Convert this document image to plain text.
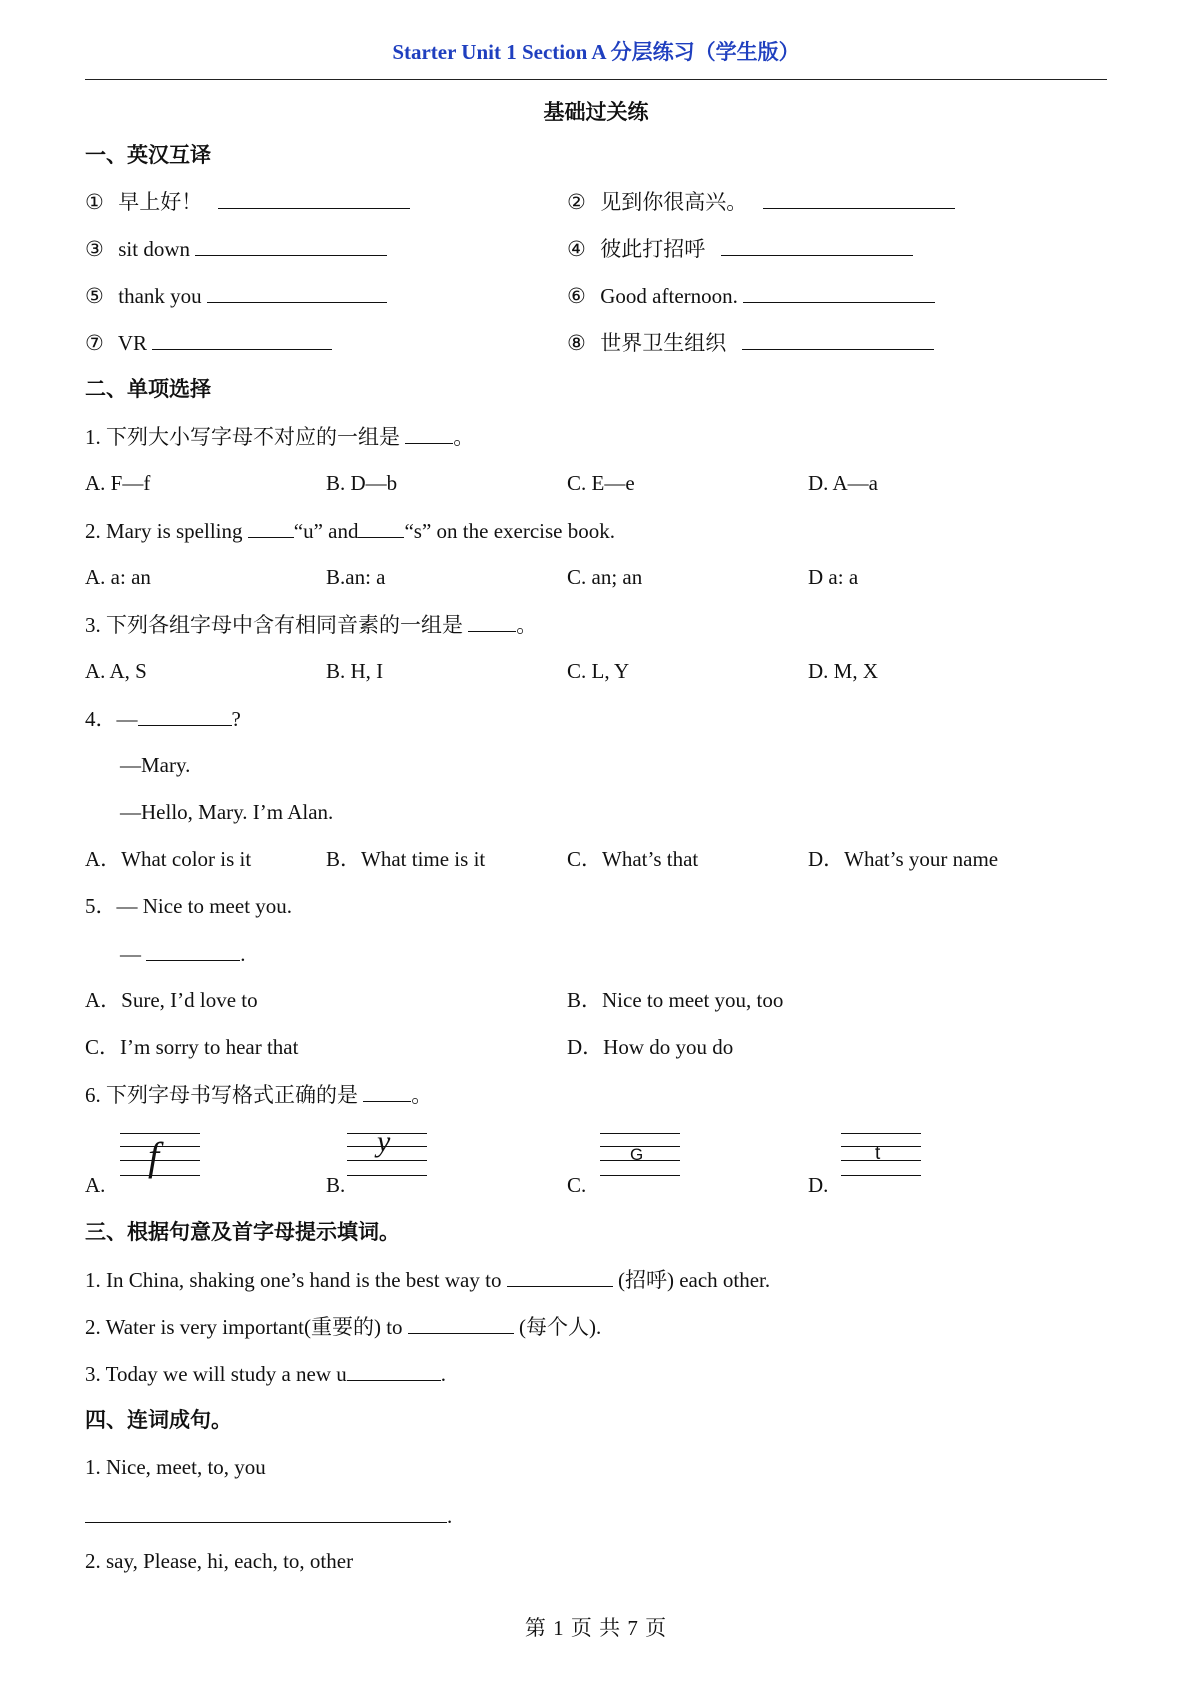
Starter Unit 1 Section A 分层练习（学生版）
基础过关练
一、英汉互译
① 早上好！	② 见到你很高兴。
③ sit down	④ 彼此打招呼
⑤ thank you	⑥ Good afternoon.
⑦ VR	⑧ 世界卫生组织
二、单项选择
1. 下列大小写字母不对应的一组是	。
A. F—f	B. D—b	C. E—e	D. A—a
2. Mary is spelling “u” and “s” on the exercise book.
A. a: an	B.an: a	C. an; an	D a: a
3. 下列各组字母中含有相同音素的一组是	。
A. A, S	B. H, I	C. L, Y	D. M, X
4．—	?
—Mary.
—Hello, Mary. I’m Alan.
A．What color is it	B．What time is it	C．What’s that	D．What’s your name
5．— Nice to meet you.
—	.
A．Sure, I’d love to	B．Nice to meet you, too
C．I’m sorry to hear that	D．How do you do
6. 下列字母书写格式正确的是	。
A.
f
B.
y
C.
G
D.
t
三、根据句意及首字母提示填词。
1. In China, shaking one’s hand is the best way to	(招呼) each other.
2. Water is very important(重要的) to	(每个人).
3. Today we will study a new u	.
四、连词成句。
1. Nice, meet, to, you
.
2. say, Please, hi, each, to, other
第 1 页 共 7 页
